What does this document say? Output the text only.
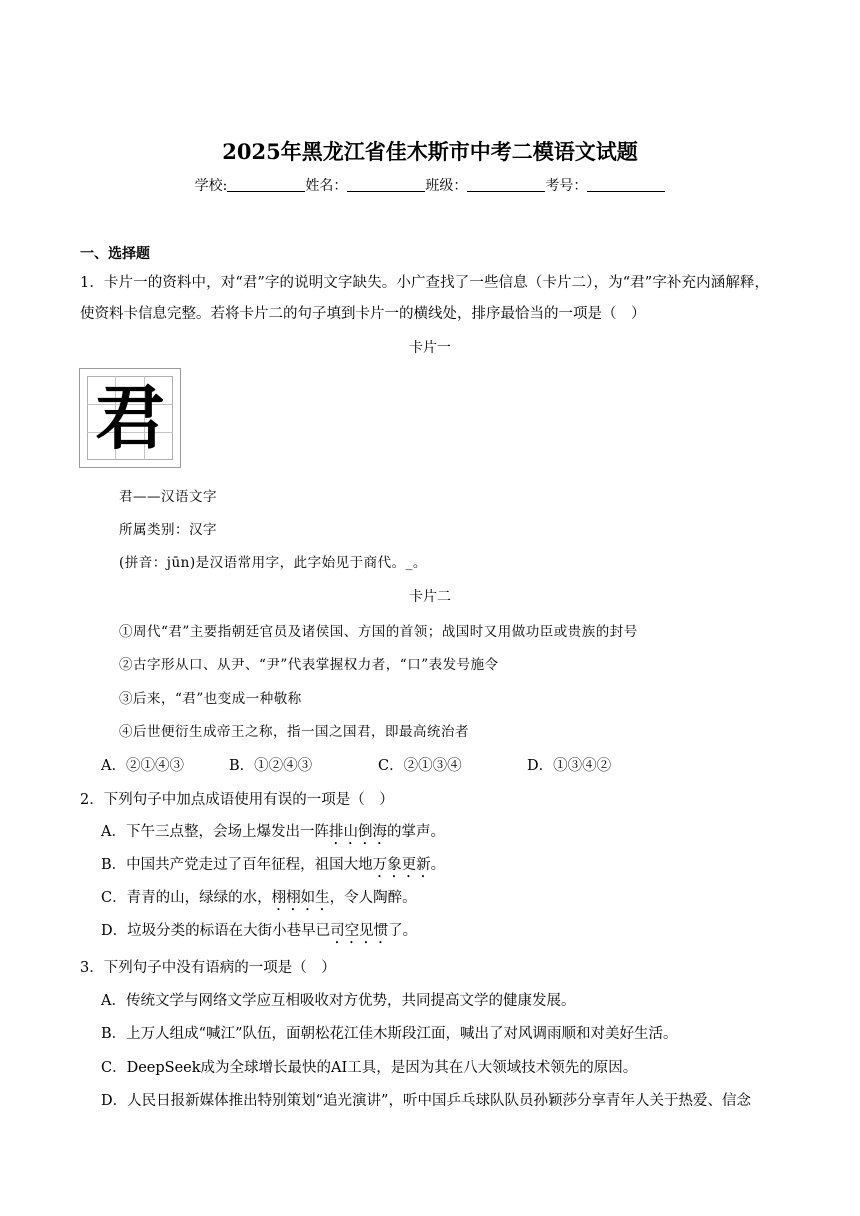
2025年黑龙江省佳木斯市中考二模语文试题
学校:	姓名：	班级：	考号：
一、选择题
1．卡片一的资料中，对“君”字的说明文字缺失。小广查找了一些信息（卡片二），为“君”字补充内涵解释，
使资料卡信息完整。若将卡片二的句子填到卡片一的横线处，排序最恰当的一项是（　）
卡片一
君
君——汉语文字
所属类别：汉字
(拼音：jūn)是汉语常用字，此字始见于商代。_。
卡片二
①周代“君”主要指朝廷官员及诸侯国、方国的首领；战国时又用做功臣或贵族的封号
②古字形从口、从尹、“尹”代表掌握权力者，“口”表发号施令
③后来，“君”也变成一种敬称
④后世便衍生成帝王之称，指一国之国君，即最高统治者
A．②①④③	B．①②④③	C．②①③④	D．①③④②
2．下列句子中加点成语使用有误的一项是（　）
A．下午三点整，会场上爆发出一阵排山倒海的掌声。
B．中国共产党走过了百年征程，祖国大地万象更新。
C．青青的山，绿绿的水，栩栩如生，令人陶醉。
D．垃圾分类的标语在大街小巷早已司空见惯了。
3．下列句子中没有语病的一项是（　）
A．传统文学与网络文学应互相吸收对方优势，共同提高文学的健康发展。
B．上万人组成“喊江”队伍，面朝松花江佳木斯段江面，喊出了对风调雨顺和对美好生活。
C．DeepSeek成为全球增长最快的AI工具，是因为其在八大领域技术领先的原因。
D．人民日报新媒体推出特别策划“追光演讲”，听中国乒乓球队队员孙颖莎分享青年人关于热爱、信念
